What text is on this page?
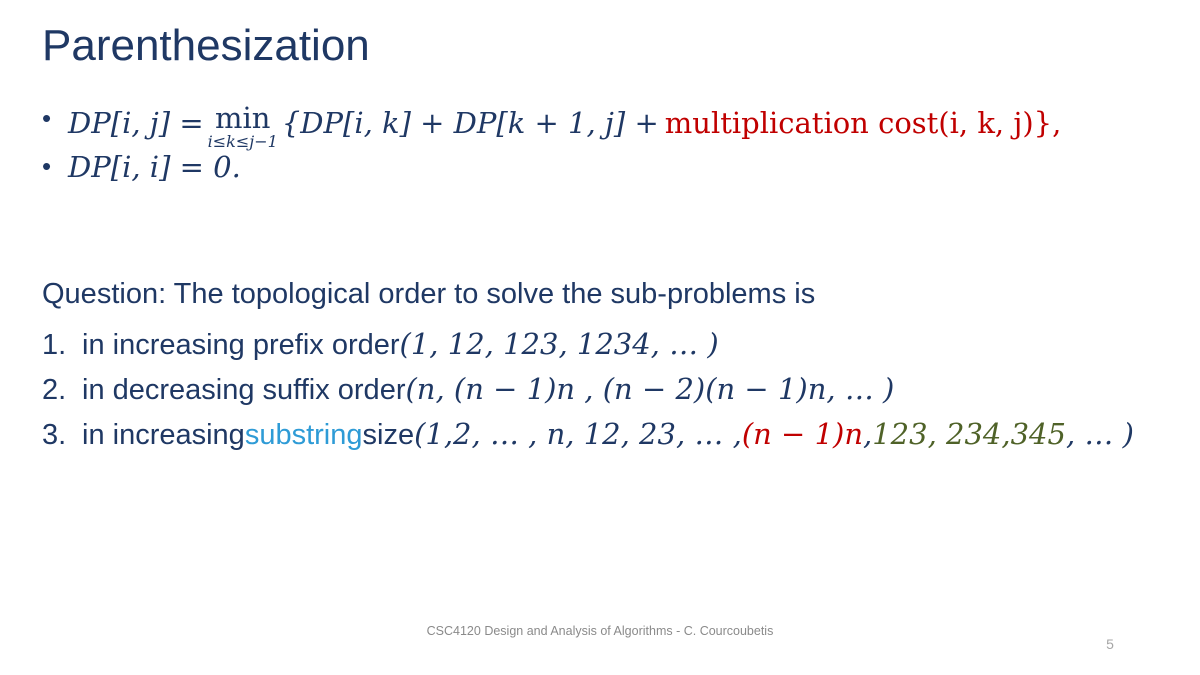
Parenthesization
• DP[i, j] = min
i≤k≤j−1
{DP[i, k] + DP[k + 1, j] + multiplication cost(i, k, j)},
• DP[i, i] = 0.
Question: The topological order to solve the sub-problems is
1. in increasing prefix order (1, 12, 123, 1234, … )
2. in decreasing suffix order (n, (n − 1)n , (n − 2)(n − 1)n, … )
3. in increasing substring size (1,2, … , n, 12, 23, … , (n − 1)n , 123, 234,345 , … )
CSC4120 Design and Analysis of Algorithms - C. Courcoubetis
5
